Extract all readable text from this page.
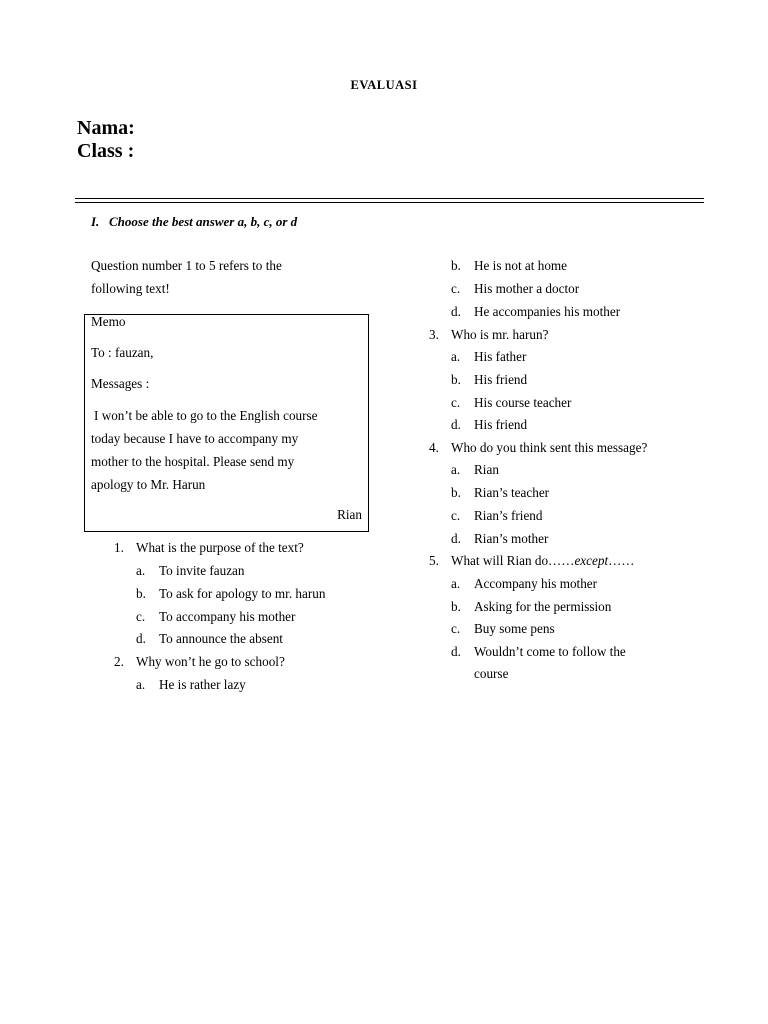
EVALUASI
Nama:
Class :
I. Choose the best answer a, b, c, or d
Question number 1 to 5 refers to the
following text!
Memo
To : fauzan,
Messages :
I won’t be able to go to the English course
today because I have to accompany my
mother to the hospital. Please send my
apology to Mr. Harun
Rian
1. What is the purpose of the text?
a. To invite fauzan
b. To ask for apology to mr. harun
c. To accompany his mother
d. To announce the absent
2. Why won’t he go to school?
a. He is rather lazy
b. He is not at home
c. His mother a doctor
d. He accompanies his mother
3. Who is mr. harun?
a. His father
b. His friend
c. His course teacher
d. His friend
4. Who do you think sent this message?
a. Rian
b. Rian’s teacher
c. Rian’s friend
d. Rian’s mother
5. What will Rian do……except……
a. Accompany his mother
b. Asking for the permission
c. Buy some pens
d. Wouldn’t come to follow the
course
